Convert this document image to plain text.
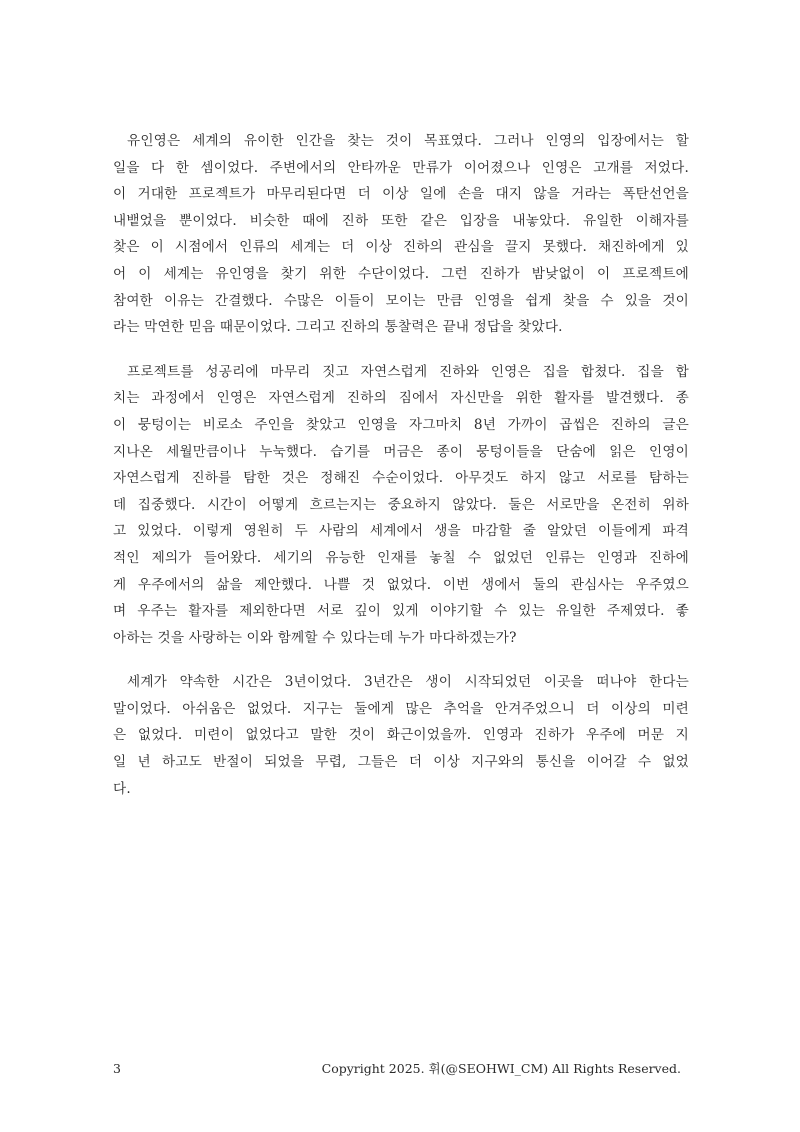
유인영은 세계의 유이한 인간을 찾는 것이 목표였다. 그러나 인영의 입장에서는 할
일을 다 한 셈이었다. 주변에서의 안타까운 만류가 이어졌으나 인영은 고개를 저었다.
이 거대한 프로젝트가 마무리된다면 더 이상 일에 손을 대지 않을 거라는 폭탄선언을
내뱉었을 뿐이었다. 비슷한 때에 진하 또한 같은 입장을 내놓았다. 유일한 이해자를
찾은 이 시점에서 인류의 세계는 더 이상 진하의 관심을 끌지 못했다. 채진하에게 있
어 이 세계는 유인영을 찾기 위한 수단이었다. 그런 진하가 밤낮없이 이 프로젝트에
참여한 이유는 간결했다. 수많은 이들이 모이는 만큼 인영을 쉽게 찾을 수 있을 것이
라는 막연한 믿음 때문이었다. 그리고 진하의 통찰력은 끝내 정답을 찾았다.
프로젝트를 성공리에 마무리 짓고 자연스럽게 진하와 인영은 집을 합쳤다. 집을 합
치는 과정에서 인영은 자연스럽게 진하의 짐에서 자신만을 위한 활자를 발견했다. 종
이 뭉텅이는 비로소 주인을 찾았고 인영을 자그마치 8년 가까이 곱씹은 진하의 글은
지나온 세월만큼이나 누눅했다. 습기를 머금은 종이 뭉텅이들을 단숨에 읽은 인영이
자연스럽게 진하를 탐한 것은 정해진 수순이었다. 아무것도 하지 않고 서로를 탐하는
데 집중했다. 시간이 어떻게 흐르는지는 중요하지 않았다. 둘은 서로만을 온전히 위하
고 있었다. 이렇게 영원히 두 사람의 세계에서 생을 마감할 줄 알았던 이들에게 파격
적인 제의가 들어왔다. 세기의 유능한 인재를 놓칠 수 없었던 인류는 인영과 진하에
게 우주에서의 삶을 제안했다. 나쁠 것 없었다. 이번 생에서 둘의 관심사는 우주였으
며 우주는 활자를 제외한다면 서로 깊이 있게 이야기할 수 있는 유일한 주제였다. 좋
아하는 것을 사랑하는 이와 함께할 수 있다는데 누가 마다하겠는가?
세계가 약속한 시간은 3년이었다. 3년간은 생이 시작되었던 이곳을 떠나야 한다는
말이었다. 아쉬움은 없었다. 지구는 둘에게 많은 추억을 안겨주었으니 더 이상의 미련
은 없었다. 미련이 없었다고 말한 것이 화근이었을까. 인영과 진하가 우주에 머문 지
일 년 하고도 반절이 되었을 무렵, 그들은 더 이상 지구와의 통신을 이어갈 수 없었
다.
3	Copyright 2025. 휘(@SEOHWI_CM) All Rights Reserved.
